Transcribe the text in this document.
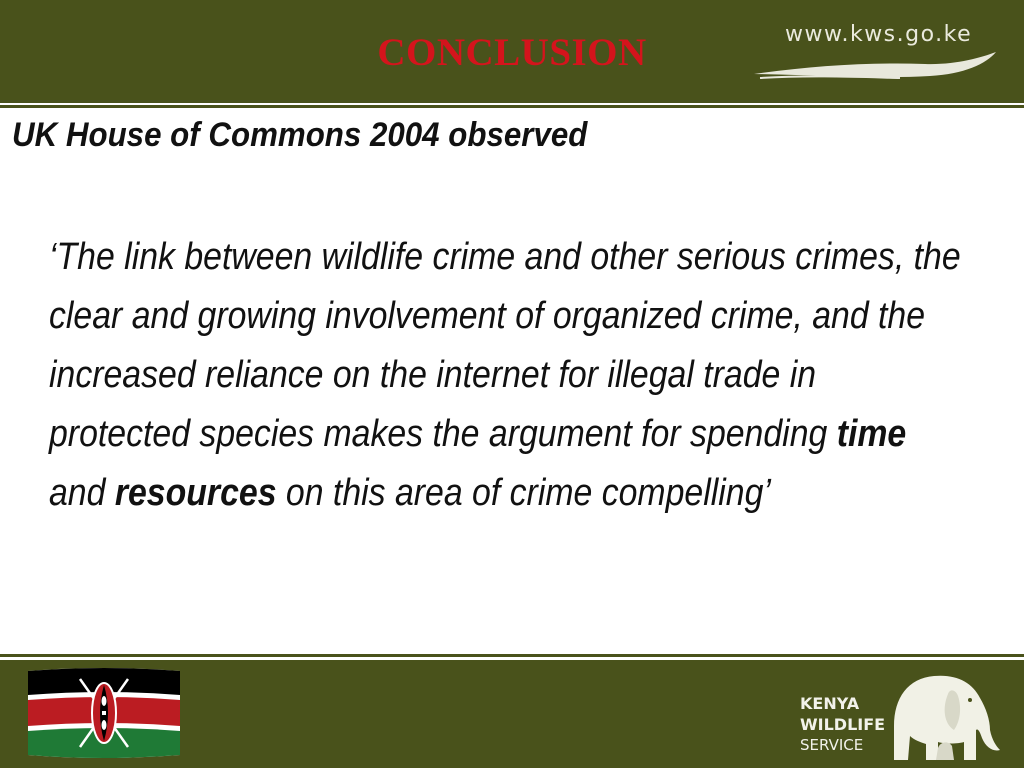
CONCLUSION	www.kws.go.ke
UK House of Commons 2004 observed
‘The link between wildlife crime and other serious crimes, the clear and growing involvement of organized crime, and the increased reliance on the internet for illegal trade in protected species makes the argument for spending time and resources on this area of crime compelling’
KENYA
WILDLIFE
SERVICE
